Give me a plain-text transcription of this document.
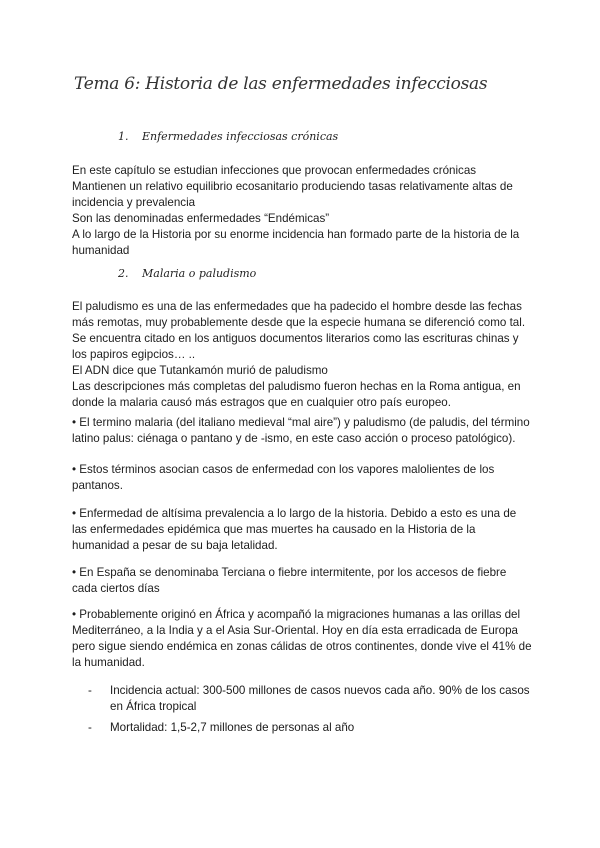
Tema 6: Historia de las enfermedades infecciosas
1. Enfermedades infecciosas crónicas

En este capítulo se estudian infecciones que provocan enfermedades crónicas

Mantienen un relativo equilibrio ecosanitario produciendo tasas relativamente altas de incidencia y prevalencia

Son las denominadas enfermedades “Endémicas”

A lo largo de la Historia por su enorme incidencia han formado parte de la historia de la humanidad

2. Malaria o paludismo

El paludismo es una de las enfermedades que ha padecido el hombre desde las fechas más remotas, muy probablemente desde que la especie humana se diferenció como tal.

Se encuentra citado en los antiguos documentos literarios como las escrituras chinas y los papiros egipcios… ..

El ADN dice que Tutankamón murió de paludismo

Las descripciones más completas del paludismo fueron hechas en la Roma antigua, en donde la malaria causó más estragos que en cualquier otro país europeo.

• El termino malaria (del italiano medieval “mal aire”) y paludismo (de paludis, del término latino palus: ciénaga o pantano y de -ismo, en este caso acción o proceso patológico).

• Estos términos asocian casos de enfermedad con los vapores malolientes de los pantanos.

• Enfermedad de altísima prevalencia a lo largo de la historia. Debido a esto es una de las enfermedades epidémica que mas muertes ha causado en la Historia de la humanidad a pesar de su baja letalidad.

• En España se denominaba Terciana o fiebre intermitente, por los accesos de fiebre cada ciertos días

• Probablemente originó en África y acompañó la migraciones humanas a las orillas del Mediterráneo, a la India y a el Asia Sur-Oriental. Hoy en día esta erradicada de Europa pero sigue siendo endémica en zonas cálidas de otros continentes, donde vive el 41% de la humanidad.

-	Incidencia actual: 300-500 millones de casos nuevos cada año. 90% de los casos en África tropical
-	Mortalidad: 1,5-2,7 millones de personas al año
